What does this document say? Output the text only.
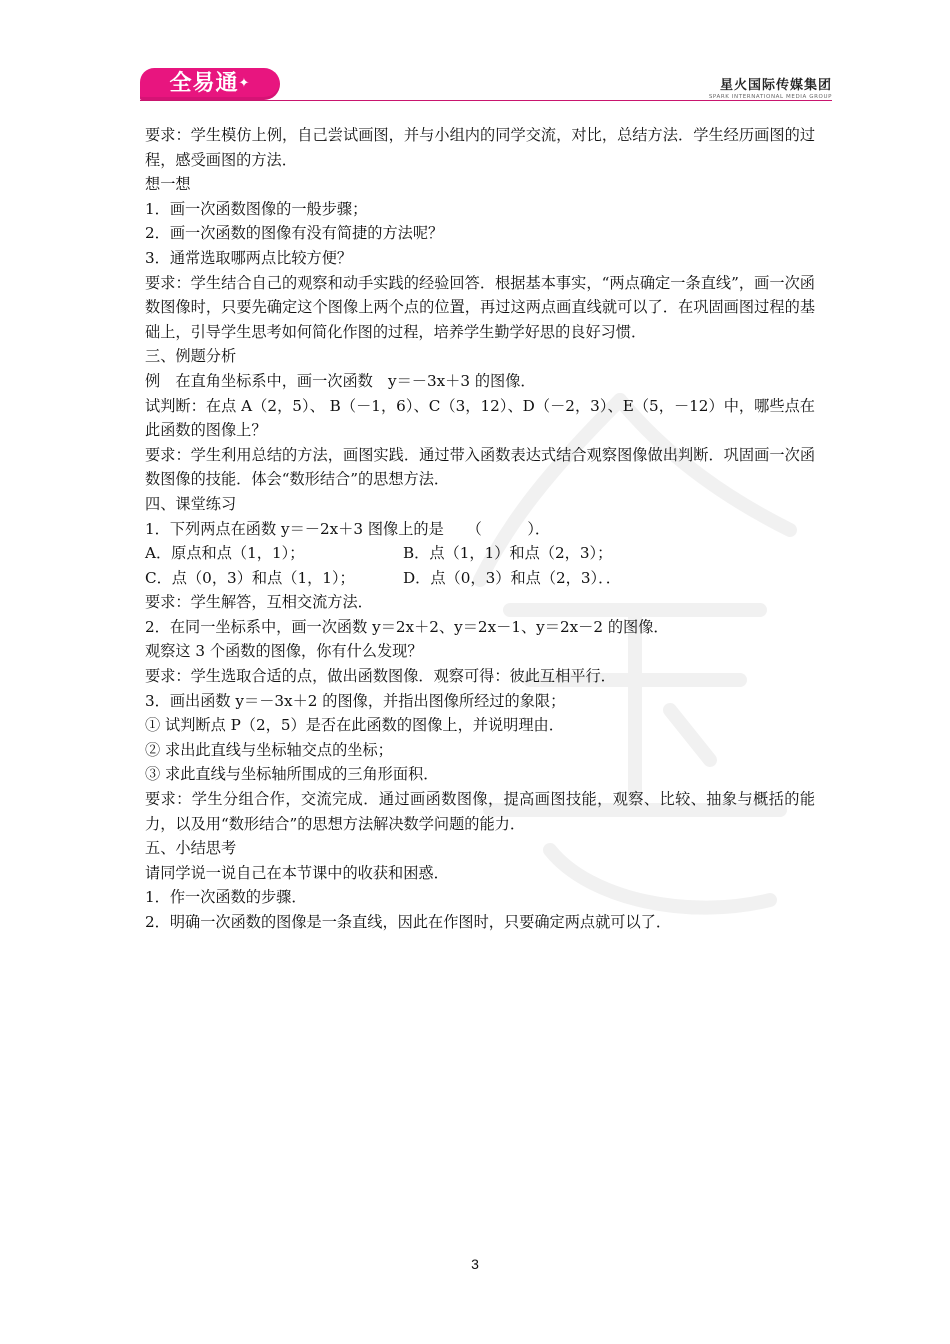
全易通✦	星火国际传媒集团
SPARK INTERNATIONAL MEDIA GROUP

要求：学生模仿上例，自己尝试画图，并与小组内的同学交流，对比，总结方法．学生经历画图的过程，感受画图的方法．

想一想

1．画一次函数图像的一般步骤；

2．画一次函数的图像有没有简捷的方法呢？

3．通常选取哪两点比较方便？

要求：学生结合自己的观察和动手实践的经验回答．根据基本事实，“两点确定一条直线”，画一次函数图像时，只要先确定这个图像上两个点的位置，再过这两点画直线就可以了．在巩固画图过程的基础上，引导学生思考如何简化作图的过程，培养学生勤学好思的良好习惯．

三、例题分析

例　在直角坐标系中，画一次函数　y＝－3x＋3 的图像．

试判断：在点 A（2，5）、 B（－1，6）、C（3，12）、D（－2，3）、E（5，－12）中，哪些点在此函数的图像上？

要求：学生利用总结的方法，画图实践．通过带入函数表达式结合观察图像做出判断．巩固画一次函数图像的技能．体会“数形结合”的思想方法．

四、课堂练习

1．下列两点在函数 y＝－2x＋3 图像上的是　　（　　　）．

A．原点和点（1，1）；	B．点（1，1）和点（2，3）；
C．点（0，3）和点（1，1）；	D．点（0，3）和点（2，3）．．

要求：学生解答，互相交流方法．

2．在同一坐标系中，画一次函数 y＝2x＋2、y＝2x－1、y＝2x－2 的图像．

观察这 3 个函数的图像，你有什么发现？

要求：学生选取合适的点，做出函数图像．观察可得：彼此互相平行．

3．画出函数 y＝－3x＋2 的图像，并指出图像所经过的象限；

① 试判断点 P（2，5）是否在此函数的图像上，并说明理由．

② 求出此直线与坐标轴交点的坐标；

③ 求此直线与坐标轴所围成的三角形面积．

要求：学生分组合作，交流完成．通过画函数图像，提高画图技能，观察、比较、抽象与概括的能力，以及用“数形结合”的思想方法解决数学问题的能力．

五、小结思考

请同学说一说自己在本节课中的收获和困惑．

1．作一次函数的步骤．

2．明确一次函数的图像是一条直线，因此在作图时，只要确定两点就可以了．

3
